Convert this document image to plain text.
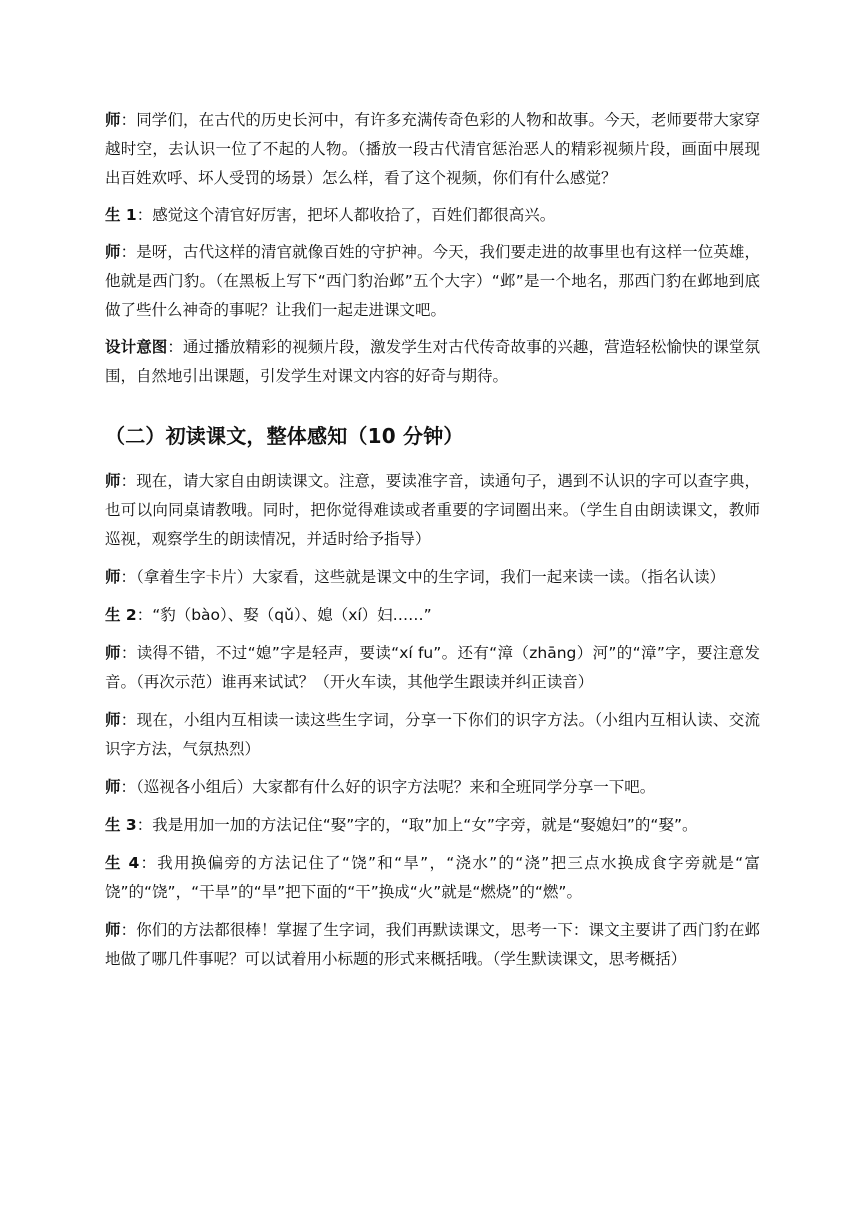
师：同学们，在古代的历史长河中，有许多充满传奇色彩的人物和故事。今天，老师要带大家穿越时空，去认识一位了不起的人物。（播放一段古代清官惩治恶人的精彩视频片段，画面中展现出百姓欢呼、坏人受罚的场景）怎么样，看了这个视频，你们有什么感觉？

生 1：感觉这个清官好厉害，把坏人都收拾了，百姓们都很高兴。

师：是呀，古代这样的清官就像百姓的守护神。今天，我们要走进的故事里也有这样一位英雄，他就是西门豹。（在黑板上写下“西门豹治邺”五个大字）“邺”是一个地名，那西门豹在邺地到底做了些什么神奇的事呢？让我们一起走进课文吧。

设计意图：通过播放精彩的视频片段，激发学生对古代传奇故事的兴趣，营造轻松愉快的课堂氛围，自然地引出课题，引发学生对课文内容的好奇与期待。

（二）初读课文，整体感知（10 分钟）

师：现在，请大家自由朗读课文。注意，要读准字音，读通句子，遇到不认识的字可以查字典，也可以向同桌请教哦。同时，把你觉得难读或者重要的字词圈出来。（学生自由朗读课文，教师巡视，观察学生的朗读情况，并适时给予指导）

师：（拿着生字卡片）大家看，这些就是课文中的生字词，我们一起来读一读。（指名认读）

生 2：“豹（bào）、娶（qǔ）、媳（xí）妇……”

师：读得不错，不过“媳”字是轻声，要读“xí fu”。还有“漳（zhāng）河”的“漳”字，要注意发音。（再次示范）谁再来试试？（开火车读，其他学生跟读并纠正读音）

师：现在，小组内互相读一读这些生字词，分享一下你们的识字方法。（小组内互相认读、交流识字方法，气氛热烈）

师：（巡视各小组后）大家都有什么好的识字方法呢？来和全班同学分享一下吧。

生 3：我是用加一加的方法记住“娶”字的，“取”加上“女”字旁，就是“娶媳妇”的“娶”。

生 4：我用换偏旁的方法记住了“饶”和“旱”，“浇水”的“浇”把三点水换成食字旁就是“富饶”的“饶”，“干旱”的“旱”把下面的“干”换成“火”就是“燃烧”的“燃”。

师：你们的方法都很棒！掌握了生字词，我们再默读课文，思考一下：课文主要讲了西门豹在邺地做了哪几件事呢？可以试着用小标题的形式来概括哦。（学生默读课文，思考概括）
